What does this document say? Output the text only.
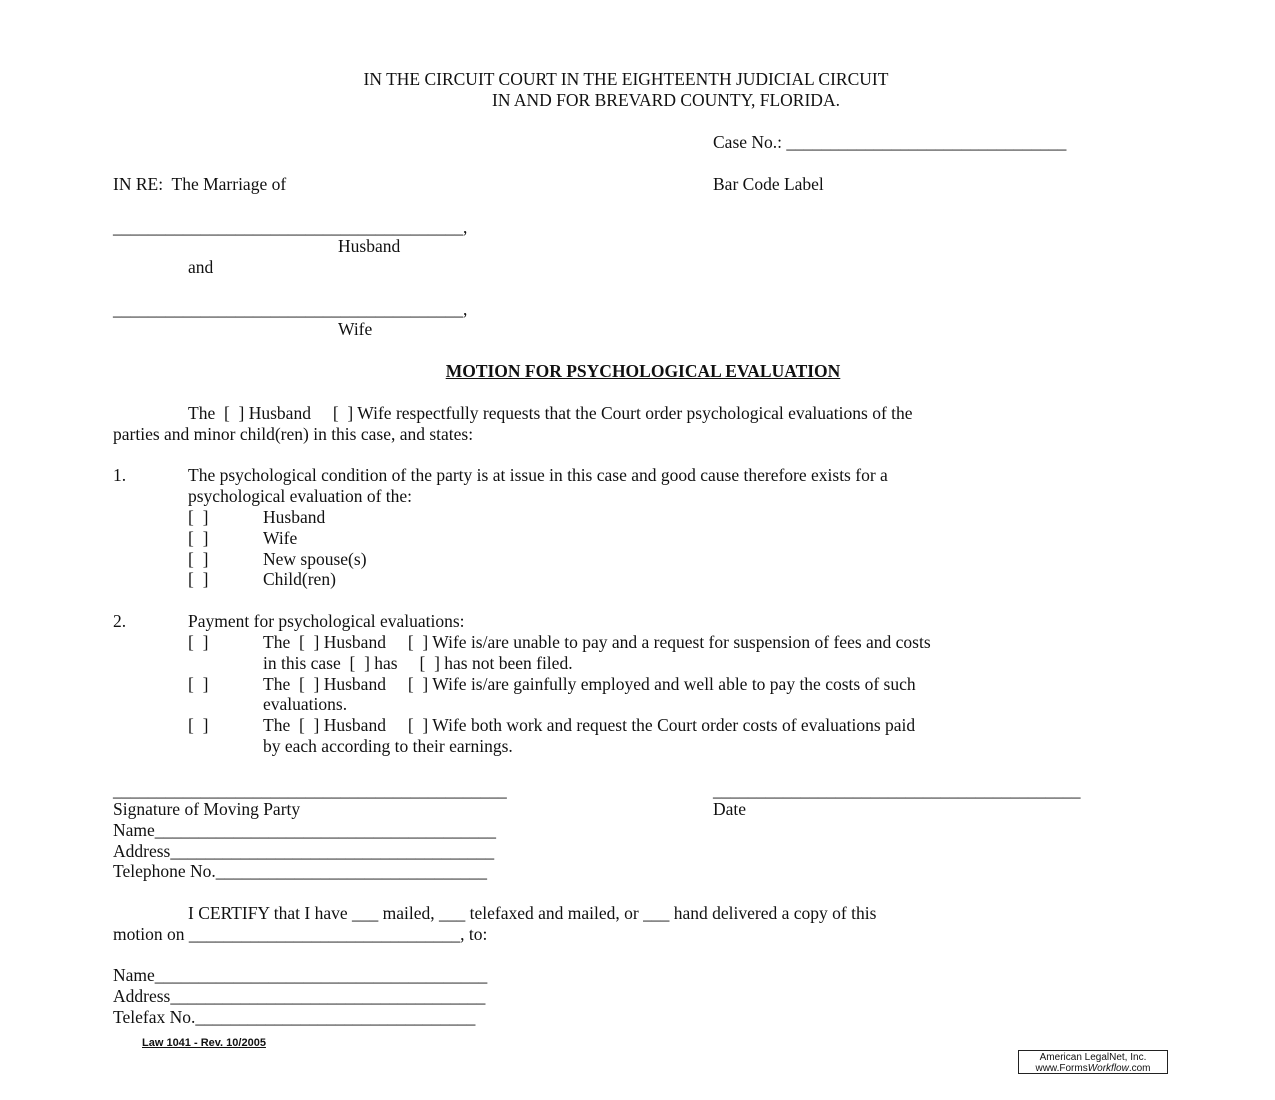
IN THE CIRCUIT COURT IN THE EIGHTEENTH JUDICIAL CIRCUIT
IN AND FOR BREVARD COUNTY, FLORIDA.
Case No.: ________________________________
IN RE:  The Marriage of	Bar Code Label
________________________________________,
Husband
and
________________________________________,
Wife
MOTION FOR PSYCHOLOGICAL EVALUATION
The  [  ] Husband     [  ] Wife respectfully requests that the Court order psychological evaluations of the
parties and minor child(ren) in this case, and states:
1.	The psychological condition of the party is at issue in this case and good cause therefore exists for a
psychological evaluation of the:
[  ]	Husband
[  ]	Wife
[  ]	New spouse(s)
[  ]	Child(ren)
2.	Payment for psychological evaluations:
[  ]	The  [  ] Husband     [  ] Wife is/are unable to pay and a request for suspension of fees and costs
in this case  [  ] has     [  ] has not been filed.
[  ]	The  [  ] Husband     [  ] Wife is/are gainfully employed and well able to pay the costs of such
evaluations.
[  ]	The  [  ] Husband     [  ] Wife both work and request the Court order costs of evaluations paid
by each according to their earnings.
_____________________________________________	__________________________________________
Signature of Moving Party	Date
Name_______________________________________
Address_____________________________________
Telephone No._______________________________
I CERTIFY that I have ___ mailed, ___ telefaxed and mailed, or ___ hand delivered a copy of this
motion on _______________________________, to:
Name______________________________________
Address____________________________________
Telefax No.________________________________
Law 1041 - Rev. 10/2005
American LegalNet, Inc.
www.FormsWorkflow.com
